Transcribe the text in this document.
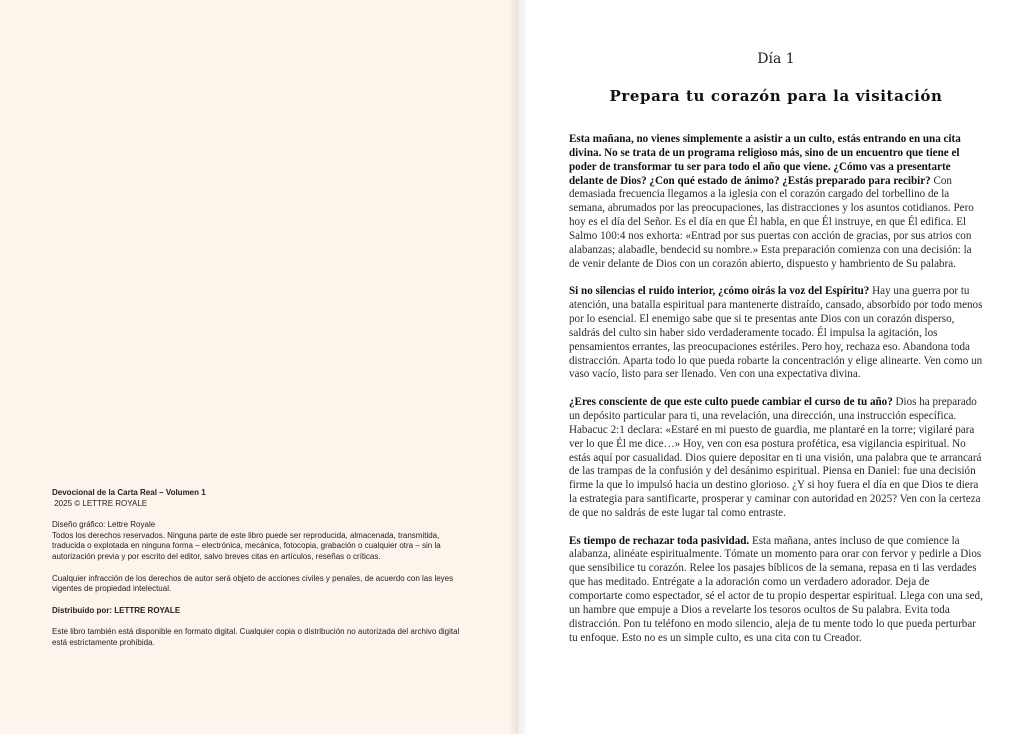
Devocional de la Carta Real – Volumen 1

2025 © LETTRE ROYALE

Diseño gráfico: Lettre Royale

Todos los derechos reservados. Ninguna parte de este libro puede ser reproducida, almacenada, transmitida, traducida o explotada en ninguna forma – electrónica, mecánica, fotocopia, grabación o cualquier otra – sin la autorización previa y por escrito del editor, salvo breves citas en artículos, reseñas o críticas.

Cualquier infracción de los derechos de autor será objeto de acciones civiles y penales, de acuerdo con las leyes vigentes de propiedad intelectual.

Distribuido por: LETTRE ROYALE

Este libro también está disponible en formato digital. Cualquier copia o distribución no autorizada del archivo digital está estrictamente prohibida.

Día 1
Prepara tu corazón para la visitación

Esta mañana, no vienes simplemente a asistir a un culto, estás entrando en una cita divina. No se trata de un programa religioso más, sino de un encuentro que tiene el poder de transformar tu ser para todo el año que viene. ¿Cómo vas a presentarte delante de Dios? ¿Con qué estado de ánimo? ¿Estás preparado para recibir? Con demasiada frecuencia llegamos a la iglesia con el corazón cargado del torbellino de la semana, abrumados por las preocupaciones, las distracciones y los asuntos cotidianos. Pero hoy es el día del Señor. Es el día en que Él habla, en que Él instruye, en que Él edifica. El Salmo 100:4 nos exhorta: «Entrad por sus puertas con acción de gracias, por sus atrios con alabanzas; alabadle, bendecid su nombre.» Esta preparación comienza con una decisión: la de venir delante de Dios con un corazón abierto, dispuesto y hambriento de Su palabra.

Si no silencias el ruido interior, ¿cómo oirás la voz del Espíritu? Hay una guerra por tu atención, una batalla espiritual para mantenerte distraído, cansado, absorbido por todo menos por lo esencial. El enemigo sabe que si te presentas ante Dios con un corazón disperso, saldrás del culto sin haber sido verdaderamente tocado. Él impulsa la agitación, los pensamientos errantes, las preocupaciones estériles. Pero hoy, rechaza eso. Abandona toda distracción. Aparta todo lo que pueda robarte la concentración y elige alinearte. Ven como un vaso vacío, listo para ser llenado. Ven con una expectativa divina.

¿Eres consciente de que este culto puede cambiar el curso de tu año? Dios ha preparado un depósito particular para ti, una revelación, una dirección, una instrucción específica. Habacuc 2:1 declara: «Estaré en mi puesto de guardia, me plantaré en la torre; vigilaré para ver lo que Él me dice…» Hoy, ven con esa postura profética, esa vigilancia espiritual. No estás aquí por casualidad. Dios quiere depositar en ti una visión, una palabra que te arrancará de las trampas de la confusión y del desánimo espiritual. Piensa en Daniel: fue una decisión firme la que lo impulsó hacia un destino glorioso. ¿Y si hoy fuera el día en que Dios te diera la estrategia para santificarte, prosperar y caminar con autoridad en 2025? Ven con la certeza de que no saldrás de este lugar tal como entraste.

Es tiempo de rechazar toda pasividad. Esta mañana, antes incluso de que comience la alabanza, alinéate espiritualmente. Tómate un momento para orar con fervor y pedirle a Dios que sensibilice tu corazón. Relee los pasajes bíblicos de la semana, repasa en ti las verdades que has meditado. Entrégate a la adoración como un verdadero adorador. Deja de comportarte como espectador, sé el actor de tu propio despertar espiritual. Llega con una sed, un hambre que empuje a Dios a revelarte los tesoros ocultos de Su palabra. Evita toda distracción. Pon tu teléfono en modo silencio, aleja de tu mente todo lo que pueda perturbar tu enfoque. Esto no es un simple culto, es una cita con tu Creador.
